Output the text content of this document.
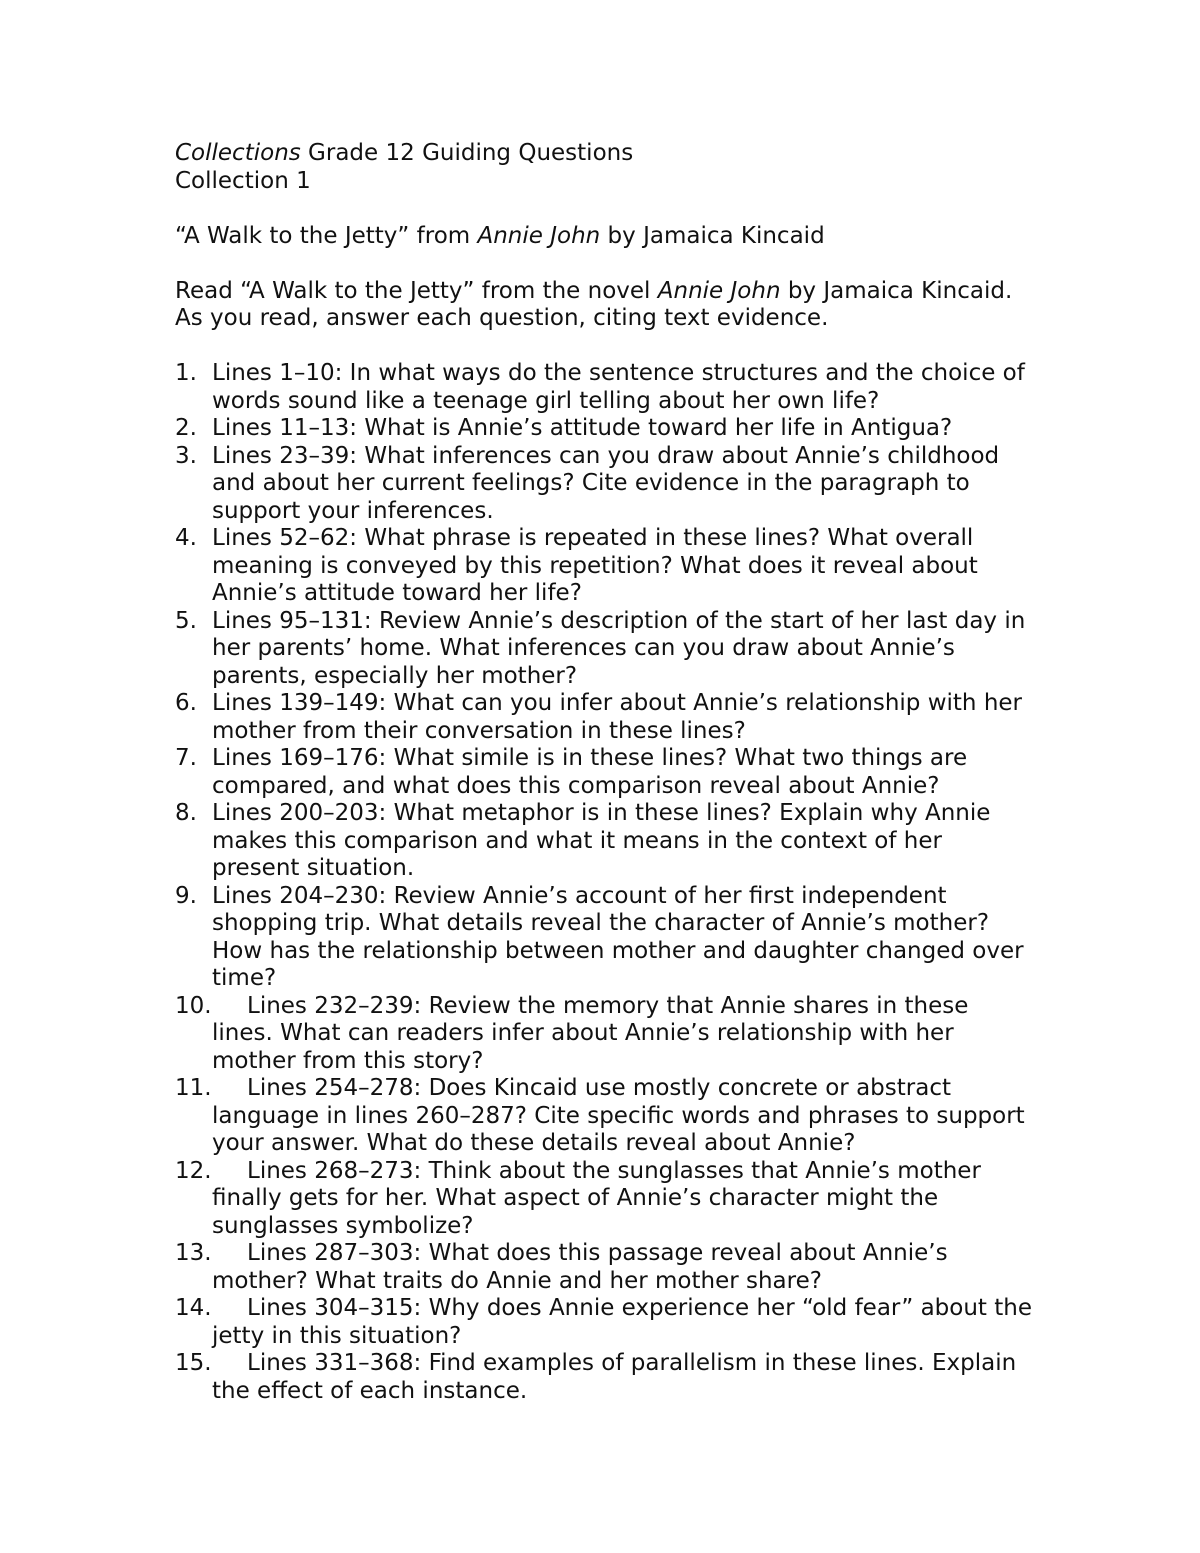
Collections Grade 12 Guiding Questions

Collection 1

“A Walk to the Jetty” from Annie John by Jamaica Kincaid

Read “A Walk to the Jetty” from the novel Annie John by Jamaica Kincaid. As you read, answer each question, citing text evidence.

1. Lines 1–10: In what ways do the sentence structures and the choice of words sound like a teenage girl telling about her own life?
2. Lines 11–13: What is Annie’s attitude toward her life in Antigua?
3. Lines 23–39: What inferences can you draw about Annie’s childhood and about her current feelings? Cite evidence in the paragraph to support your inferences.
4. Lines 52–62: What phrase is repeated in these lines? What overall meaning is conveyed by this repetition? What does it reveal about Annie’s attitude toward her life?
5. Lines 95–131: Review Annie’s description of the start of her last day in her parents’ home. What inferences can you draw about Annie’s parents, especially her mother?
6. Lines 139–149: What can you infer about Annie’s relationship with her mother from their conversation in these lines?
7. Lines 169–176: What simile is in these lines? What two things are compared, and what does this comparison reveal about Annie?
8. Lines 200–203: What metaphor is in these lines? Explain why Annie makes this comparison and what it means in the context of her present situation.
9. Lines 204–230: Review Annie’s account of her first independent shopping trip. What details reveal the character of Annie’s mother? How has the relationship between mother and daughter changed over time?
10.	Lines 232–239: Review the memory that Annie shares in these lines. What can readers infer about Annie’s relationship with her mother from this story?
11.	Lines 254–278: Does Kincaid use mostly concrete or abstract language in lines 260–287? Cite specific words and phrases to support your answer. What do these details reveal about Annie?
12.	Lines 268–273: Think about the sunglasses that Annie’s mother finally gets for her. What aspect of Annie’s character might the sunglasses symbolize?
13.	Lines 287–303: What does this passage reveal about Annie’s mother? What traits do Annie and her mother share?
14.	Lines 304–315: Why does Annie experience her “old fear” about the jetty in this situation?
15.	Lines 331–368: Find examples of parallelism in these lines. Explain the effect of each instance.
